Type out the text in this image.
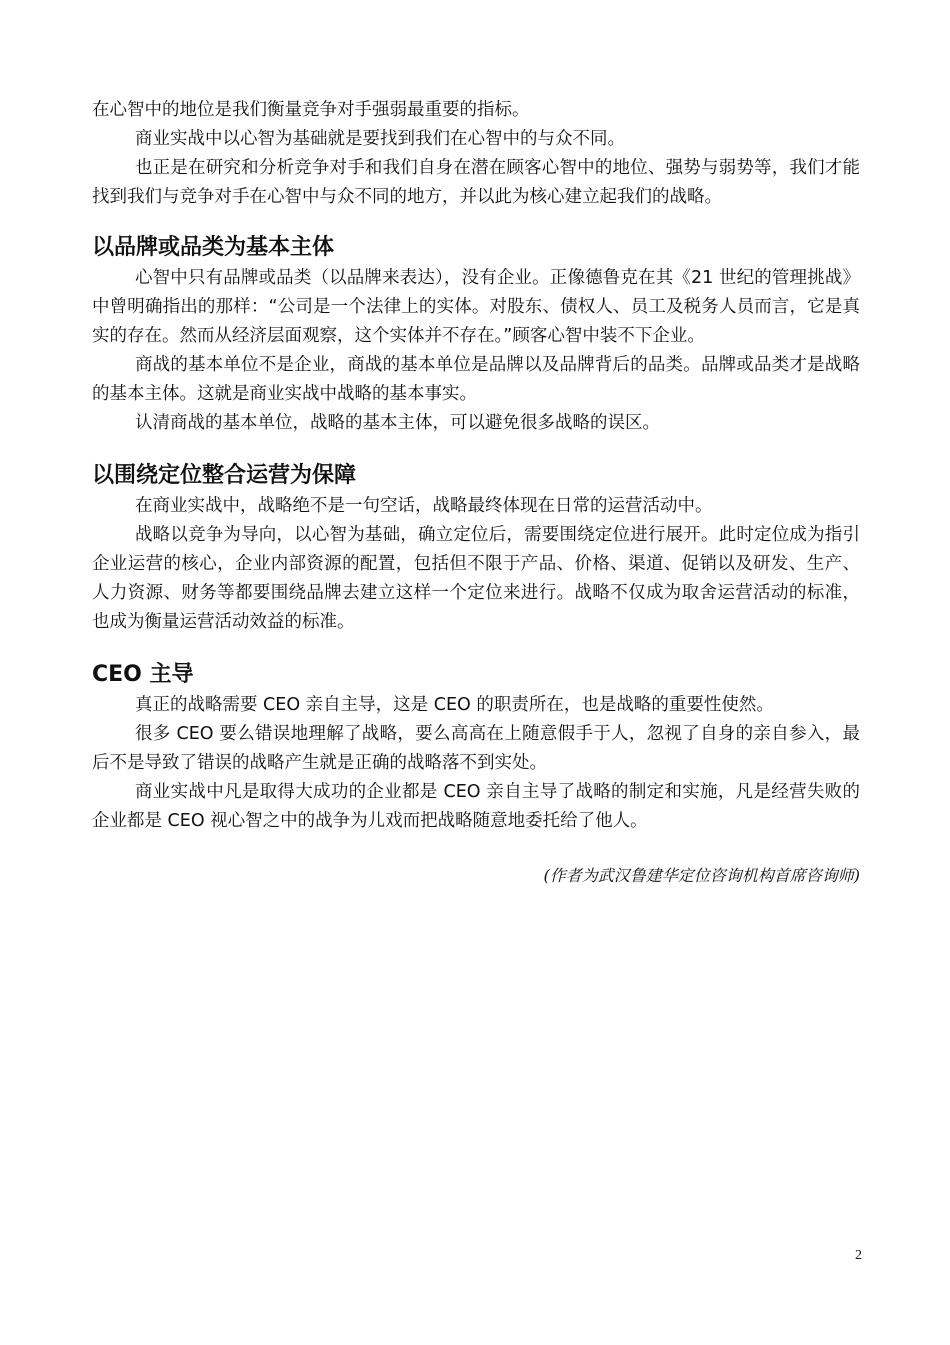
在心智中的地位是我们衡量竞争对手强弱最重要的指标。

商业实战中以心智为基础就是要找到我们在心智中的与众不同。

也正是在研究和分析竞争对手和我们自身在潜在顾客心智中的地位、强势与弱势等，我们才能找到我们与竞争对手在心智中与众不同的地方，并以此为核心建立起我们的战略。

以品牌或品类为基本主体

心智中只有品牌或品类（以品牌来表达），没有企业。正像德鲁克在其《21 世纪的管理挑战》中曾明确指出的那样：“公司是一个法律上的实体。对股东、债权人、员工及税务人员而言，它是真实的存在。然而从经济层面观察，这个实体并不存在。”顾客心智中装不下企业。

商战的基本单位不是企业，商战的基本单位是品牌以及品牌背后的品类。品牌或品类才是战略的基本主体。这就是商业实战中战略的基本事实。

认清商战的基本单位，战略的基本主体，可以避免很多战略的误区。

以围绕定位整合运营为保障

在商业实战中，战略绝不是一句空话，战略最终体现在日常的运营活动中。

战略以竞争为导向，以心智为基础，确立定位后，需要围绕定位进行展开。此时定位成为指引企业运营的核心，企业内部资源的配置，包括但不限于产品、价格、渠道、促销以及研发、生产、人力资源、财务等都要围绕品牌去建立这样一个定位来进行。战略不仅成为取舍运营活动的标准，也成为衡量运营活动效益的标准。

CEO 主导

真正的战略需要 CEO 亲自主导，这是 CEO 的职责所在，也是战略的重要性使然。

很多 CEO 要么错误地理解了战略，要么高高在上随意假手于人，忽视了自身的亲自参入，最后不是导致了错误的战略产生就是正确的战略落不到实处。

商业实战中凡是取得大成功的企业都是 CEO 亲自主导了战略的制定和实施，凡是经营失败的企业都是 CEO 视心智之中的战争为儿戏而把战略随意地委托给了他人。

(作者为武汉鲁建华定位咨询机构首席咨询师)
2
